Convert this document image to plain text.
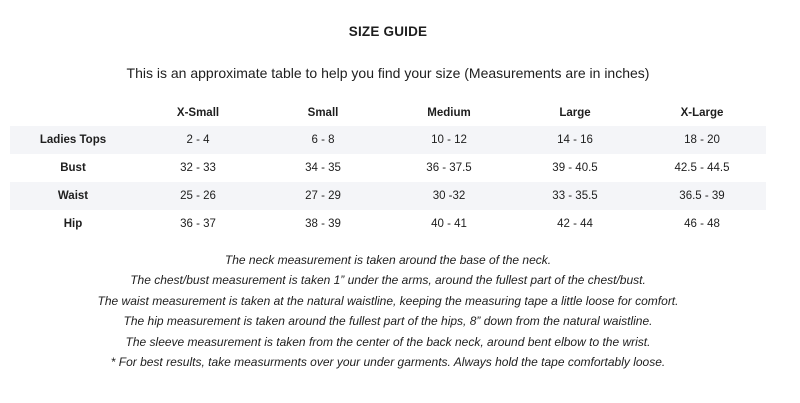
SIZE GUIDE
This is an approximate table to help you find your size (Measurements are in inches)
	X-Small	Small	Medium	Large	X-Large
Ladies Tops	2 - 4	6 - 8	10 - 12	14 - 16	18 - 20
Bust	32 - 33	34 - 35	36 - 37.5	39 - 40.5	42.5 - 44.5
Waist	25 - 26	27 - 29	30 -32	33 - 35.5	36.5 - 39
Hip	36 - 37	38 - 39	40 - 41	42 - 44	46 - 48

The neck measurement is taken around the base of the neck.

The chest/bust measurement is taken 1” under the arms, around the fullest part of the chest/bust.

The waist measurement is taken at the natural waistline, keeping the measuring tape a little loose for comfort.

The hip measurement is taken around the fullest part of the hips, 8” down from the natural waistline.

The sleeve measurement is taken from the center of the back neck, around bent elbow to the wrist.

* For best results, take measurments over your under garments. Always hold the tape comfortably loose.
